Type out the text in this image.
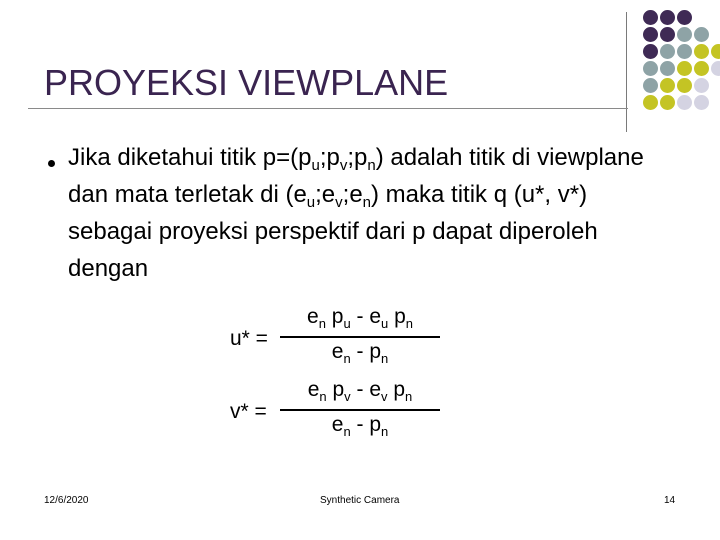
PROYEKSI VIEWPLANE
Jika diketahui titik $p=(p_u;p_v;p_n)$ adalah titik di viewplane dan mata terletak di $(e_u;e_v;e_n)$ maka titik q (u*, v*) sebagai proyeksi perspektif dari p dapat diperoleh dengan
u* =
$e_n$ $p_u - e_u$ $p_n$
$e_n - p_n$
v* =
$e_n$ $p_v - e_v$ $p_n$
$e_n - p_n$
12/6/2020	Synthetic Camera	14
